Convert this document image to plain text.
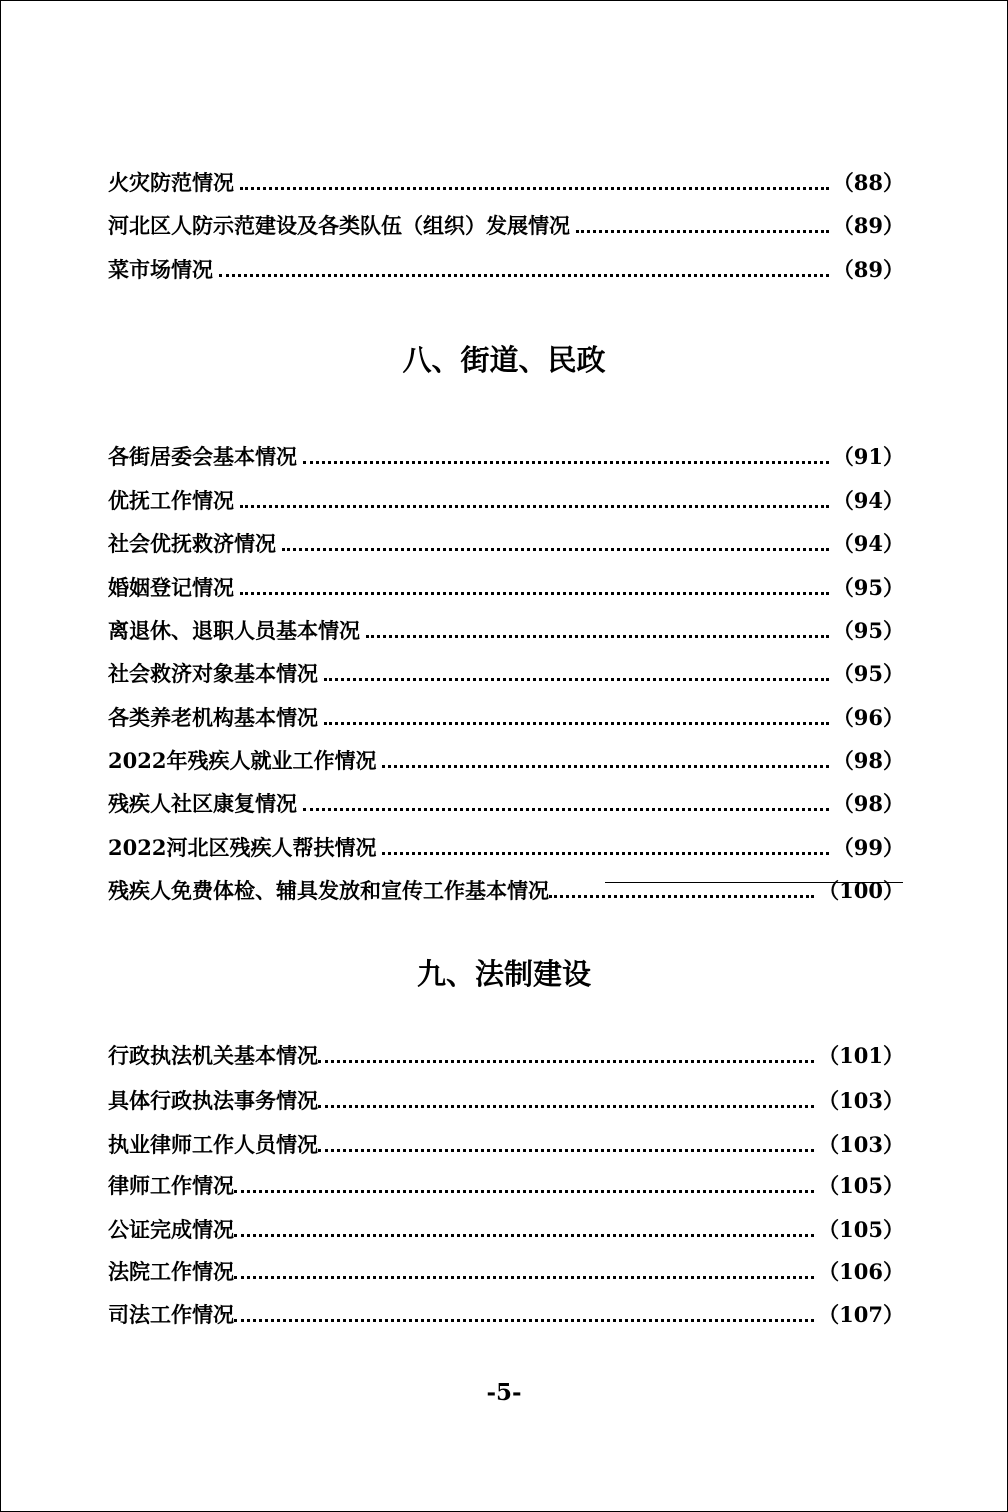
火灾防范情况	（88）
河北区人防示范建设及各类队伍（组织）发展情况	（89）
菜市场情况	（89）
八、街道、民政
各街居委会基本情况	（91）
优抚工作情况	（94）
社会优抚救济情况	（94）
婚姻登记情况	（95）
离退休、退职人员基本情况	（95）
社会救济对象基本情况	（95）
各类养老机构基本情况	（96）
2022年残疾人就业工作情况	（98）
残疾人社区康复情况	（98）
2022河北区残疾人帮扶情况	（99）
残疾人免费体检、辅具发放和宣传工作基本情况	（100）
九、法制建设
行政执法机关基本情况	（101）
具体行政执法事务情况	（103）
执业律师工作人员情况	（103）
律师工作情况	（105）
公证完成情况	（105）
法院工作情况	（106）
司法工作情况	（107）
-5-
